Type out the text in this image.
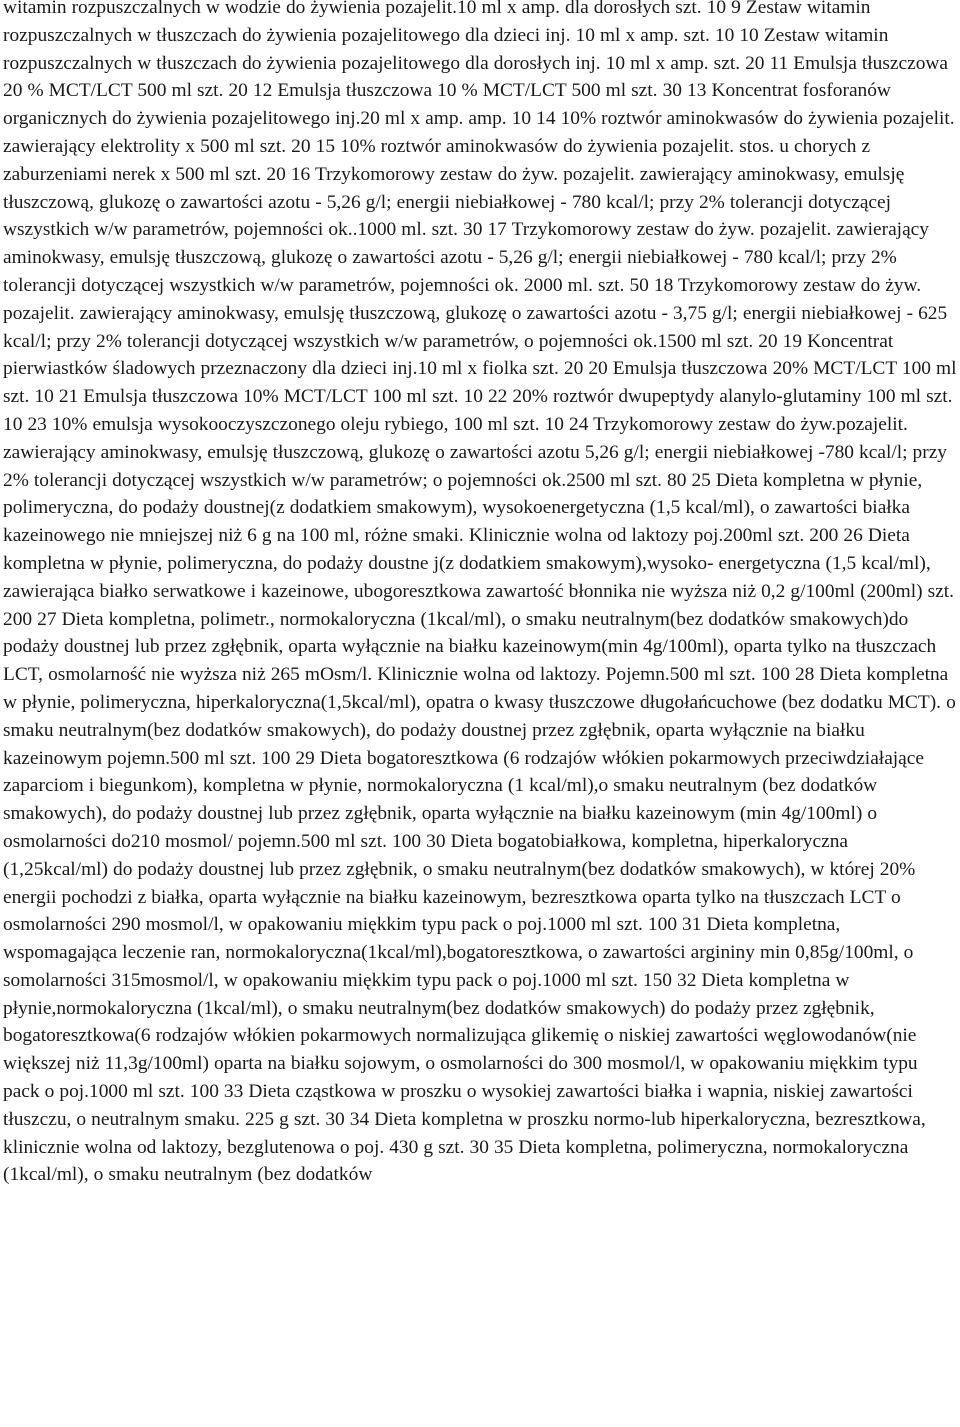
witamin rozpuszczalnych w wodzie do żywienia pozajelit.10 ml x amp. dla dorosłych szt. 10 9 Zestaw witamin rozpuszczalnych w tłuszczach do żywienia pozajelitowego dla dzieci inj. 10 ml x amp. szt. 10 10 Zestaw witamin rozpuszczalnych w tłuszczach do żywienia pozajelitowego dla dorosłych inj. 10 ml x amp. szt. 20 11 Emulsja tłuszczowa 20 % MCT/LCT 500 ml szt. 20 12 Emulsja tłuszczowa 10 % MCT/LCT 500 ml szt. 30 13 Koncentrat fosforanów organicznych do żywienia pozajelitowego inj.20 ml x amp. amp. 10 14 10% roztwór aminokwasów do żywienia pozajelit. zawierający elektrolity x 500 ml szt. 20 15 10% roztwór aminokwasów do żywienia pozajelit. stos. u chorych z zaburzeniami nerek x 500 ml szt. 20 16 Trzykomorowy zestaw do żyw. pozajelit. zawierający aminokwasy, emulsję tłuszczową, glukozę o zawartości azotu - 5,26 g/l; energii niebiałkowej - 780 kcal/l; przy 2% tolerancji dotyczącej wszystkich w/w parametrów, pojemności ok..1000 ml. szt. 30 17 Trzykomorowy zestaw do żyw. pozajelit. zawierający aminokwasy, emulsję tłuszczową, glukozę o zawartości azotu - 5,26 g/l; energii niebiałkowej - 780 kcal/l; przy 2% tolerancji dotyczącej wszystkich w/w parametrów, pojemności ok. 2000 ml. szt. 50 18 Trzykomorowy zestaw do żyw. pozajelit. zawierający aminokwasy, emulsję tłuszczową, glukozę o zawartości azotu - 3,75 g/l; energii niebiałkowej - 625 kcal/l; przy 2% tolerancji dotyczącej wszystkich w/w parametrów, o pojemności ok.1500 ml szt. 20 19 Koncentrat pierwiastków śladowych przeznaczony dla dzieci inj.10 ml x fiolka szt. 20 20 Emulsja tłuszczowa 20% MCT/LCT 100 ml szt. 10 21 Emulsja tłuszczowa 10% MCT/LCT 100 ml szt. 10 22 20% roztwór dwupeptydy alanylo-glutaminy 100 ml szt. 10 23 10% emulsja wysokooczyszczonego oleju rybiego, 100 ml szt. 10 24 Trzykomorowy zestaw do żyw.pozajelit. zawierający aminokwasy, emulsję tłuszczową, glukozę o zawartości azotu 5,26 g/l; energii niebiałkowej -780 kcal/l; przy 2% tolerancji dotyczącej wszystkich w/w parametrów; o pojemności ok.2500 ml szt. 80 25 Dieta kompletna w płynie, polimeryczna, do podaży doustnej(z dodatkiem smakowym), wysokoenergetyczna (1,5 kcal/ml), o zawartości białka kazeinowego nie mniejszej niż 6 g na 100 ml, różne smaki. Klinicznie wolna od laktozy poj.200ml szt. 200 26 Dieta kompletna w płynie, polimeryczna, do podaży doustne j(z dodatkiem smakowym),wysoko- energetyczna (1,5 kcal/ml), zawierająca białko serwatkowe i kazeinowe, ubogoresztkowa zawartość błonnika nie wyższa niż 0,2 g/100ml (200ml) szt. 200 27 Dieta kompletna, polimetr., normokaloryczna (1kcal/ml), o smaku neutralnym(bez dodatków smakowych)do podaży doustnej lub przez zgłębnik, oparta wyłącznie na białku kazeinowym(min 4g/100ml), oparta tylko na tłuszczach LCT, osmolarność nie wyższa niż 265 mOsm/l. Klinicznie wolna od laktozy. Pojemn.500 ml szt. 100 28 Dieta kompletna w płynie, polimeryczna, hiperkaloryczna(1,5kcal/ml), opatra o kwasy tłuszczowe długołańcuchowe (bez dodatku MCT). o smaku neutralnym(bez dodatków smakowych), do podaży doustnej przez zgłębnik, oparta wyłącznie na białku kazeinowym pojemn.500 ml szt. 100 29 Dieta bogatoresztkowa (6 rodzajów włókien pokarmowych przeciwdziałające zaparciom i biegunkom), kompletna w płynie, normokaloryczna (1 kcal/ml),o smaku neutralnym (bez dodatków smakowych), do podaży doustnej lub przez zgłębnik, oparta wyłącznie na białku kazeinowym (min 4g/100ml) o osmolarności do210 mosmol/ pojemn.500 ml szt. 100 30 Dieta bogatobiałkowa, kompletna, hiperkaloryczna (1,25kcal/ml) do podaży doustnej lub przez zgłębnik, o smaku neutralnym(bez dodatków smakowych), w której 20% energii pochodzi z białka, oparta wyłącznie na białku kazeinowym, bezresztkowa oparta tylko na tłuszczach LCT o osmolarności 290 mosmol/l, w opakowaniu miękkim typu pack o poj.1000 ml szt. 100 31 Dieta kompletna, wspomagająca leczenie ran, normokaloryczna(1kcal/ml),bogatoresztkowa, o zawartości argininy min 0,85g/100ml, o somolarności 315mosmol/l, w opakowaniu miękkim typu pack o poj.1000 ml szt. 150 32 Dieta kompletna w płynie,normokaloryczna (1kcal/ml), o smaku neutralnym(bez dodatków smakowych) do podaży przez zgłębnik, bogatoresztkowa(6 rodzajów włókien pokarmowych normalizująca glikemię o niskiej zawartości węglowodanów(nie większej niż 11,3g/100ml) oparta na białku sojowym, o osmolarności do 300 mosmol/l, w opakowaniu miękkim typu pack o poj.1000 ml szt. 100 33 Dieta cząstkowa w proszku o wysokiej zawartości białka i wapnia, niskiej zawartości tłuszczu, o neutralnym smaku. 225 g szt. 30 34 Dieta kompletna w proszku normo-lub hiperkaloryczna, bezresztkowa, klinicznie wolna od laktozy, bezglutenowa o poj. 430 g szt. 30 35 Dieta kompletna, polimeryczna, normokaloryczna (1kcal/ml), o smaku neutralnym (bez dodatków
